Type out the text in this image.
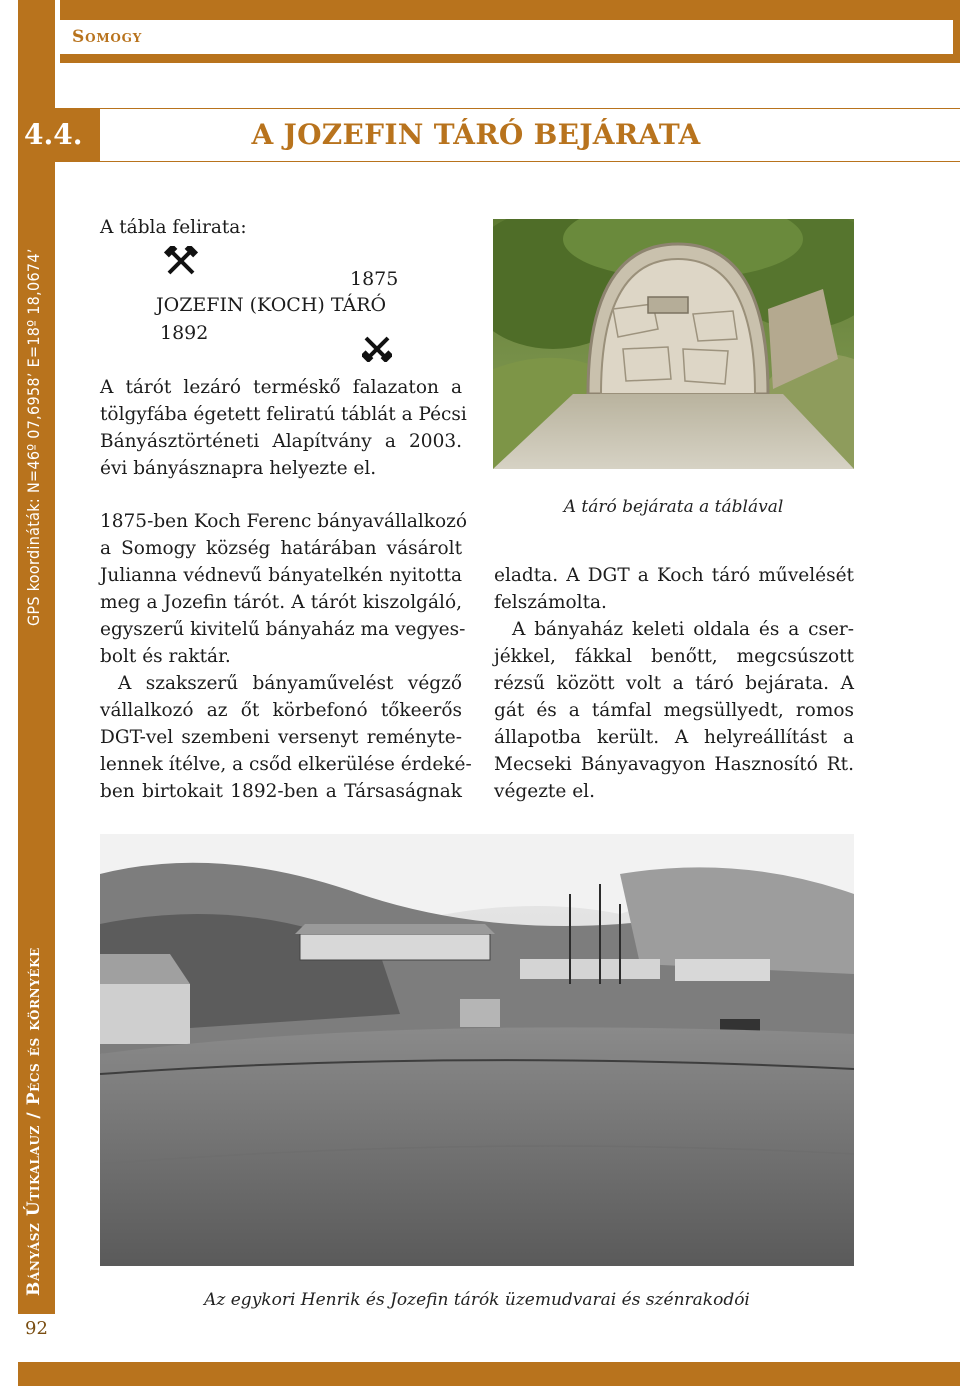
GPS koordináták: N=46º 07,6958’ E=18º 18,0674’
Bányász Útikalauz / Pécs és környéke
92
Somogy
4.4.	A JOZEFIN TÁRÓ BEJÁRATA
A tábla felirata:
1875
JOZEFIN (KOCH) TÁRÓ
1892
A tárót lezáró terméskő falazaton a
tölgyfába égetett feliratú táblát a Pécsi
Bányásztörténeti Alapítvány a 2003.
évi bányásznapra helyezte el.
1875-ben Koch Ferenc bányavállalkozó
a Somogy község határában vásárolt
Julianna védnevű bányatelkén nyitotta
meg a Jozefin tárót. A tárót kiszolgáló,
egyszerű kivitelű bányaház ma vegyes-
bolt és raktár.
A szakszerű bányaművelést végző
vállalkozó az őt körbefonó tőkeerős
DGT-vel szembeni versenyt reményte-
lennek ítélve, a csőd elkerülése érdeké-
ben birtokait 1892-ben a Társaságnak
A táró bejárata a táblával
eladta. A DGT a Koch táró művelését
felszámolta.
A bányaház keleti oldala és a cser-
jékkel, fákkal benőtt, megcsúszott
rézsű között volt a táró bejárata. A
gát és a támfal megsüllyedt, romos
állapotba került. A helyreállítást a
Mecseki Bányavagyon Hasznosító Rt.
végezte el.
Az egykori Henrik és Jozefin tárók üzemudvarai és szénrakodói
